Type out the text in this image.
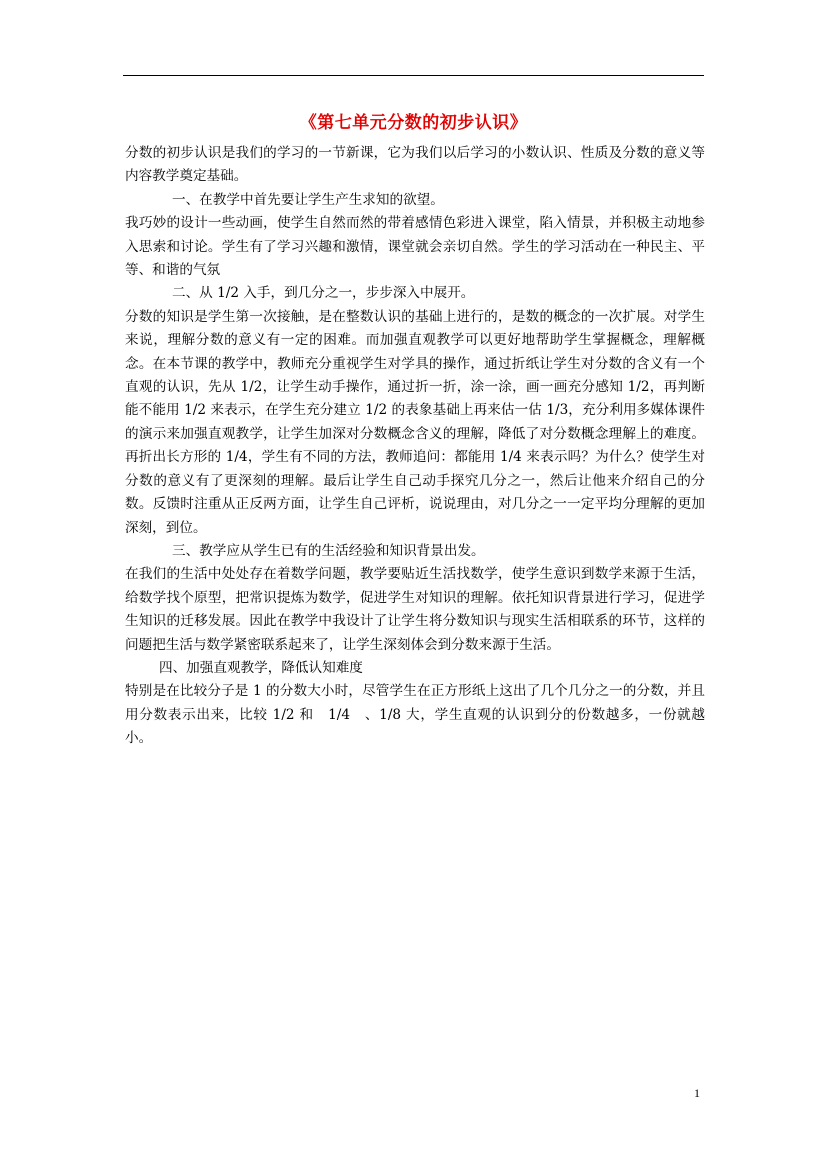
《第七单元分数的初步认识》

分数的初步认识是我们的学习的一节新课，它为我们以后学习的小数认识、性质及分数的意义等内容教学奠定基础。

一、在教学中首先要让学生产生求知的欲望。

我巧妙的设计一些动画，使学生自然而然的带着感情色彩进入课堂，陷入情景，并积极主动地参入思索和讨论。学生有了学习兴趣和激情，课堂就会亲切自然。学生的学习活动在一种民主、平等、和谐的气氛

二、从 1/2 入手，到几分之一，步步深入中展开。

分数的知识是学生第一次接触，是在整数认识的基础上进行的，是数的概念的一次扩展。对学生来说，理解分数的意义有一定的困难。而加强直观教学可以更好地帮助学生掌握概念，理解概念。在本节课的教学中，教师充分重视学生对学具的操作，通过折纸让学生对分数的含义有一个直观的认识，先从 1/2，让学生动手操作，通过折一折，涂一涂，画一画充分感知 1/2，再判断能不能用 1/2 来表示，在学生充分建立 1/2 的表象基础上再来估一估 1/3，充分利用多媒体课件的演示来加强直观教学，让学生加深对分数概念含义的理解，降低了对分数概念理解上的难度。再折出长方形的 1/4，学生有不同的方法，教师追问：都能用 1/4 来表示吗？为什么？使学生对分数的意义有了更深刻的理解。最后让学生自己动手探究几分之一，然后让他来介绍自己的分数。反馈时注重从正反两方面，让学生自己评析，说说理由，对几分之一一定平均分理解的更加深刻，到位。

三、教学应从学生已有的生活经验和知识背景出发。

在我们的生活中处处存在着数学问题，教学要贴近生活找数学，使学生意识到数学来源于生活，给数学找个原型，把常识提炼为数学，促进学生对知识的理解。依托知识背景进行学习，促进学生知识的迁移发展。因此在教学中我设计了让学生将分数知识与现实生活相联系的环节，这样的问题把生活与数学紧密联系起来了，让学生深刻体会到分数来源于生活。

四、加强直观教学，降低认知难度

特别是在比较分子是 1 的分数大小时，尽管学生在正方形纸上这出了几个几分之一的分数，并且用分数表示出来，比较 1/2 和　1/4　、1/8 大，学生直观的认识到分的份数越多，一份就越小。

1
